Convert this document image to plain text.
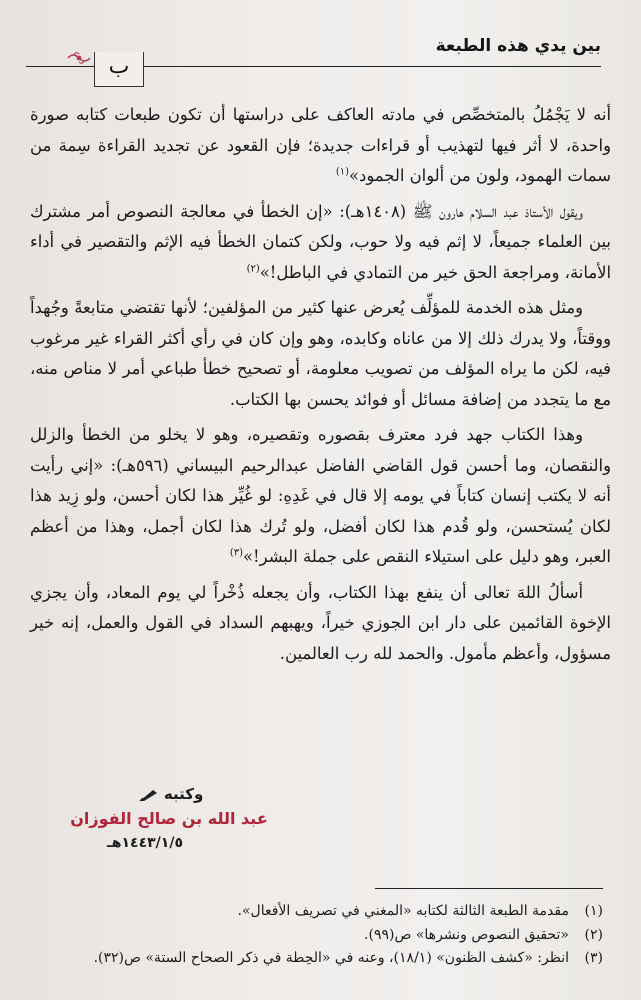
بين يدي هذه الطبعة
ب

أنه لا يَجْمُلُ بالمتخصِّص في مادته العاكف على دراستها أن تكون طبعات كتابه صورة واحدة، لا أثر فيها لتهذيب أو قراءات جديدة؛ فإن القعود عن تجديد القراءة سِمة من سمات الهمود، ولون من ألوان الجمود»$^{(١)}$

ويقول الأستاذ عبد السلام هارون ﷺ (١٤٠٨هـ): «إن الخطأ في معالجة النصوص أمر مشترك بين العلماء جميعاً، لا إثم فيه ولا حوب، ولكن كتمان الخطأ فيه الإثم والتقصير في أداء الأمانة، ومراجعة الحق خير من التمادي في الباطل!»$^{(٢)}$

ومثل هذه الخدمة للمؤلِّف يُعرض عنها كثير من المؤلفين؛ لأنها تقتضي متابعةً وجُهداً ووقتاً، ولا يدرك ذلك إلا من عاناه وكابده، وهو وإن كان في رأي أكثر القراء غير مرغوب فيه، لكن ما يراه المؤلف من تصويب معلومة، أو تصحيح خطأ طباعي أمر لا مناص منه، مع ما يتجدد من إضافة مسائل أو فوائد يحسن بها الكتاب.

وهذا الكتاب جهد فرد معترف بقصوره وتقصيره، وهو لا يخلو من الخطأ والزلل والنقصان، وما أحسن قول القاضي الفاضل عبدالرحيم البيساني (٥٩٦هـ): «إني رأيت أنه لا يكتب إنسان كتاباً في يومه إلا قال في غَدِهِ: لو غُيِّر هذا لكان أحسن، ولو زِيد هذا لكان يُستحسن، ولو قُدم هذا لكان أفضل، ولو تُرك هذا لكان أجمل، وهذا من أعظم العبر، وهو دليل على استيلاء النقص على جملة البشر!»$^{(٣)}$

أسألُ اللهَ تعالى أن ينفع بهذا الكتاب، وأن يجعله ذُخْراً لي يوم المعاد، وأن يجزي الإخوة القائمين على دار ابن الجوزي خيراً، ويهبهم السداد في القول والعمل، إنه خير مسؤول، وأعظم مأمول. والحمد لله رب العالمين.

وكتبه
عبد الله بن صالح الفوزان
١٤٤٣/١/٥هـ
(١)
مقدمة الطبعة الثالثة لكتابه «المغني في تصريف الأفعال».
(٢)
«تحقيق النصوص ونشرها» ص(٩٩).
(٣)
انظر: «كشف الظنون» (١٨/١)، وعنه في «الحِطة في ذكر الصحاح الستة» ص(٣٢).
